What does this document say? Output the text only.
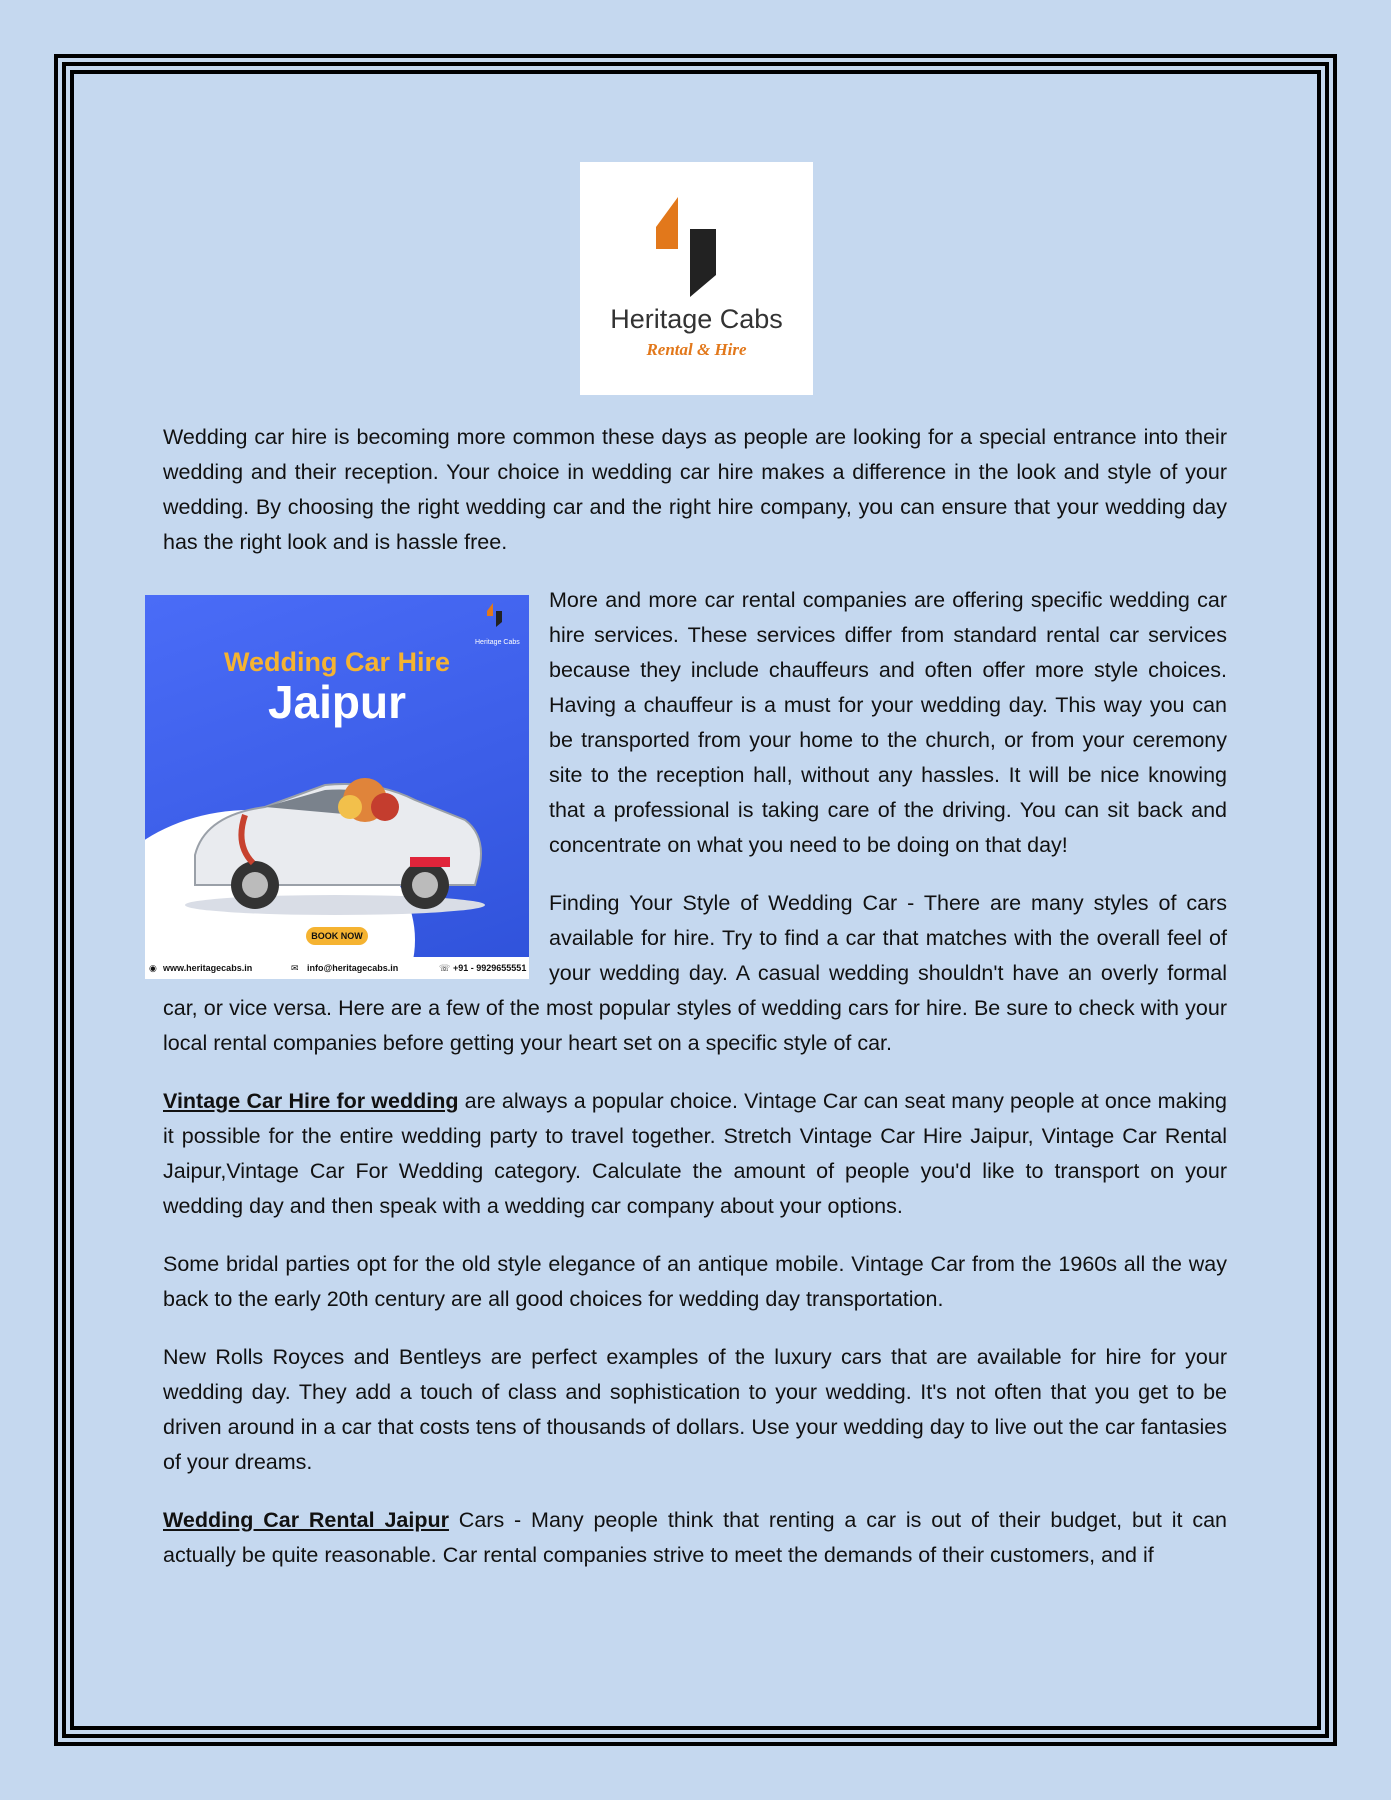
Heritage Cabs
Rental & Hire

Wedding car hire is becoming more common these days as people are looking for a special entrance into their wedding and their reception. Your choice in wedding car hire makes a difference in the look and style of your wedding. By choosing the right wedding car and the right hire company, you can ensure that your wedding day has the right look and is hassle free.

Heritage Cabs
Wedding Car Hire
Jaipur
BOOK NOW
◉ www.heritagecabs.in	✉ info@heritagecabs.in	☏ +91 - 9929655551

More and more car rental companies are offering specific wedding car hire services. These services differ from standard rental car services because they include chauffeurs and often offer more style choices. Having a chauffeur is a must for your wedding day. This way you can be transported from your home to the church, or from your ceremony site to the reception hall, without any hassles. It will be nice knowing that a professional is taking care of the driving. You can sit back and concentrate on what you need to be doing on that day!

Finding Your Style of Wedding Car - There are many styles of cars available for hire. Try to find a car that matches with the overall feel of your wedding day. A casual wedding shouldn't have an overly formal car, or vice versa. Here are a few of the most popular styles of wedding cars for hire. Be sure to check with your local rental companies before getting your heart set on a specific style of car.

Vintage Car Hire for wedding are always a popular choice. Vintage Car can seat many people at once making it possible for the entire wedding party to travel together. Stretch Vintage Car Hire Jaipur, Vintage Car Rental Jaipur,Vintage Car For Wedding category. Calculate the amount of people you'd like to transport on your wedding day and then speak with a wedding car company about your options.

Some bridal parties opt for the old style elegance of an antique mobile. Vintage Car from the 1960s all the way back to the early 20th century are all good choices for wedding day transportation.

New Rolls Royces and Bentleys are perfect examples of the luxury cars that are available for hire for your wedding day. They add a touch of class and sophistication to your wedding. It's not often that you get to be driven around in a car that costs tens of thousands of dollars. Use your wedding day to live out the car fantasies of your dreams.

Wedding Car Rental Jaipur Cars - Many people think that renting a car is out of their budget, but it can actually be quite reasonable. Car rental companies strive to meet the demands of their customers, and if
